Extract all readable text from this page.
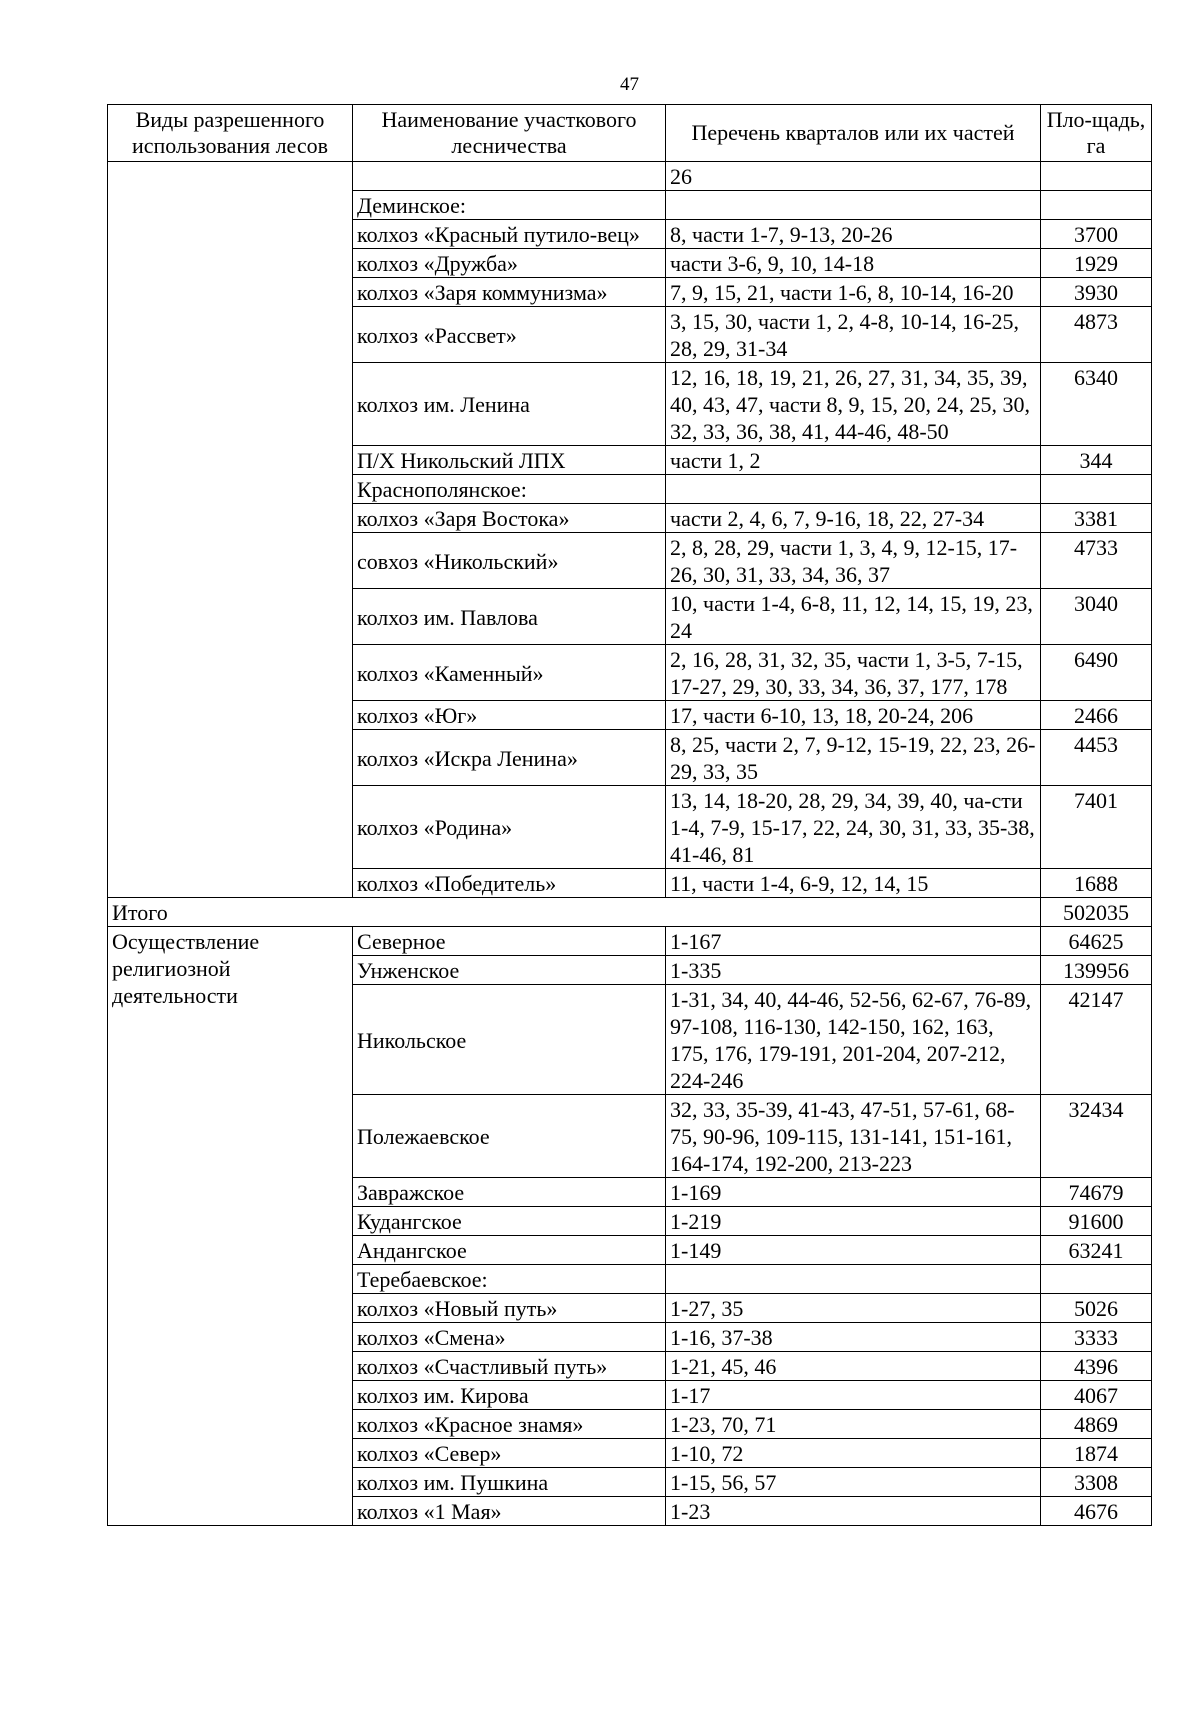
47
Виды разрешенного использования лесов	Наименование участкового лесничества	Перечень кварталов или их частей	Пло-щадь, га
		26	
	Деминское:		
	колхоз «Красный путило-вец»	8, части 1-7, 9-13, 20-26	3700
	колхоз «Дружба»	части 3-6, 9, 10, 14-18	1929
	колхоз «Заря коммунизма»	7, 9, 15, 21, части 1-6, 8, 10-14, 16-20	3930
	колхоз «Рассвет»	3, 15, 30, части 1, 2, 4-8, 10-14, 16-25, 28, 29, 31-34	4873
	колхоз им. Ленина	12, 16, 18, 19, 21, 26, 27, 31, 34, 35, 39, 40, 43, 47, части 8, 9, 15, 20, 24, 25, 30, 32, 33, 36, 38, 41, 44-46, 48-50	6340
	П/Х Никольский ЛПХ	части 1, 2	344
	Краснополянское:		
	колхоз «Заря Востока»	части 2, 4, 6, 7, 9-16, 18, 22, 27-34	3381
	совхоз «Никольский»	2, 8, 28, 29, части 1, 3, 4, 9, 12-15, 17-26, 30, 31, 33, 34, 36, 37	4733
	колхоз им. Павлова	10, части 1-4, 6-8, 11, 12, 14, 15, 19, 23, 24	3040
	колхоз «Каменный»	2, 16, 28, 31, 32, 35, части 1, 3-5, 7-15, 17-27, 29, 30, 33, 34, 36, 37, 177, 178	6490
	колхоз «Юг»	17, части 6-10, 13, 18, 20-24, 206	2466
	колхоз «Искра Ленина»	8, 25, части 2, 7, 9-12, 15-19, 22, 23, 26-29, 33, 35	4453
	колхоз «Родина»	13, 14, 18-20, 28, 29, 34, 39, 40, ча-сти 1-4, 7-9, 15-17, 22, 24, 30, 31, 33, 35-38, 41-46, 81	7401
	колхоз «Победитель»	11, части 1-4, 6-9, 12, 14, 15	1688
Итого			502035
Осуществление религиозной деятельности	Северное	1-167	64625
	Унженское	1-335	139956
	Никольское	1-31, 34, 40, 44-46, 52-56, 62-67, 76-89, 97-108, 116-130, 142-150, 162, 163, 175, 176, 179-191, 201-204, 207-212, 224-246	42147
	Полежаевское	32, 33, 35-39, 41-43, 47-51, 57-61, 68-75, 90-96, 109-115, 131-141, 151-161, 164-174, 192-200, 213-223	32434
	Завражское	1-169	74679
	Кудангское	1-219	91600
	Андангское	1-149	63241
	Теребаевское:		
	колхоз «Новый путь»	1-27, 35	5026
	колхоз «Смена»	1-16, 37-38	3333
	колхоз «Счастливый путь»	1-21, 45, 46	4396
	колхоз им. Кирова	1-17	4067
	колхоз «Красное знамя»	1-23, 70, 71	4869
	колхоз «Север»	1-10, 72	1874
	колхоз им. Пушкина	1-15, 56, 57	3308
	колхоз «1 Мая»	1-23	4676
